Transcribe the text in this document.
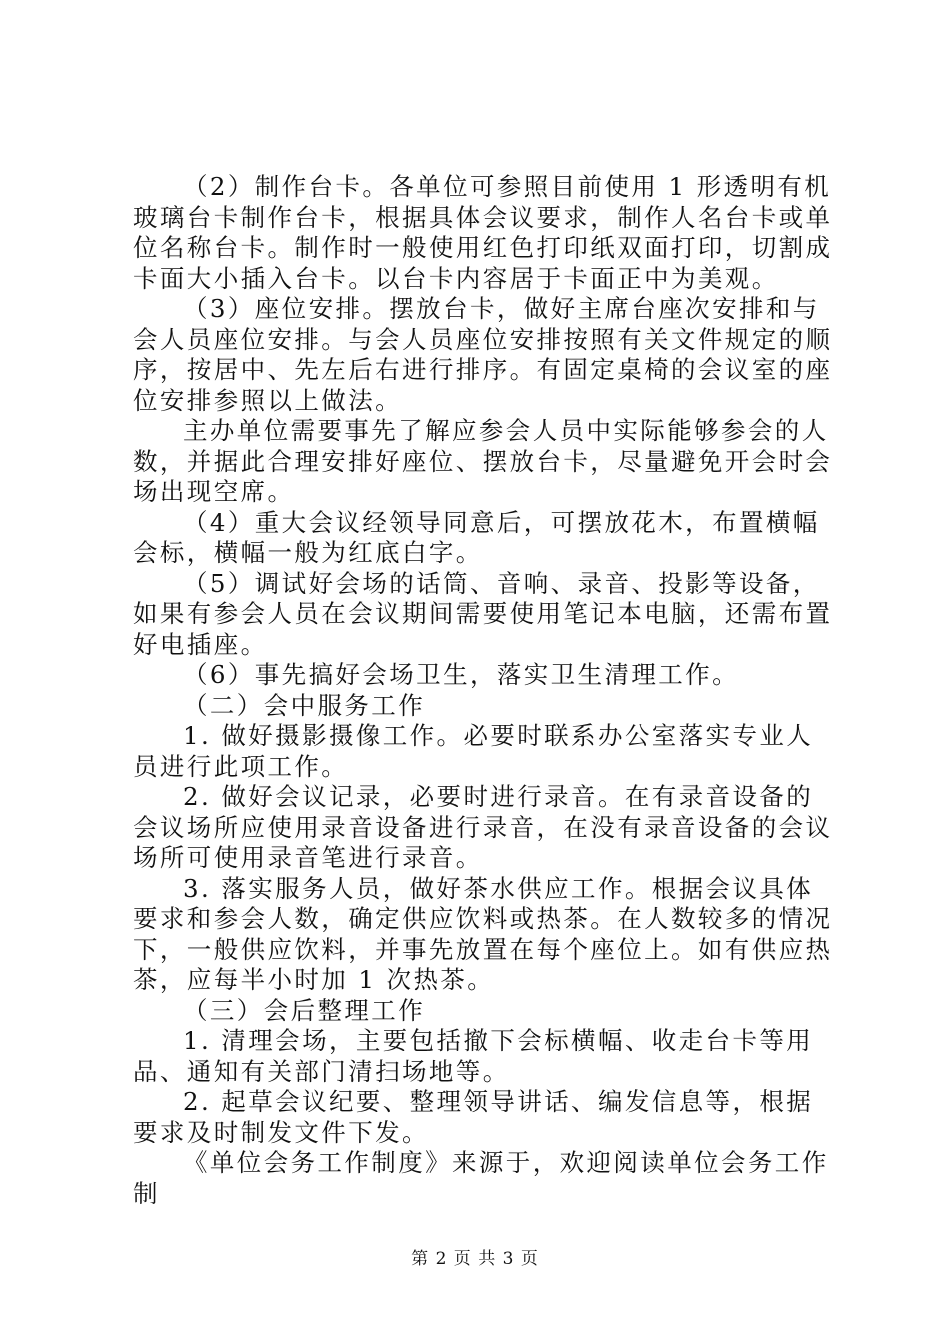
（2）制作台卡。各单位可参照目前使用 1 形透明有机玻璃台卡制作台卡，根据具体会议要求，制作人名台卡或单位名称台卡。制作时一般使用红色打印纸双面打印，切割成卡面大小插入台卡。以台卡内容居于卡面正中为美观。

（3）座位安排。摆放台卡，做好主席台座次安排和与会人员座位安排。与会人员座位安排按照有关文件规定的顺序，按居中、先左后右进行排序。有固定桌椅的会议室的座位安排参照以上做法。

主办单位需要事先了解应参会人员中实际能够参会的人数，并据此合理安排好座位、摆放台卡，尽量避免开会时会场出现空席。

（4）重大会议经领导同意后，可摆放花木，布置横幅会标，横幅一般为红底白字。

（5）调试好会场的话筒、音响、录音、投影等设备，如果有参会人员在会议期间需要使用笔记本电脑，还需布置好电插座。

（6）事先搞好会场卫生，落实卫生清理工作。

（二）会中服务工作

1. 做好摄影摄像工作。必要时联系办公室落实专业人员进行此项工作。

2. 做好会议记录，必要时进行录音。在有录音设备的会议场所应使用录音设备进行录音，在没有录音设备的会议场所可使用录音笔进行录音。

3. 落实服务人员，做好茶水供应工作。根据会议具体要求和参会人数，确定供应饮料或热茶。在人数较多的情况下，一般供应饮料，并事先放置在每个座位上。如有供应热茶，应每半小时加 1 次热茶。

（三）会后整理工作

1. 清理会场，主要包括撤下会标横幅、收走台卡等用品、通知有关部门清扫场地等。

2. 起草会议纪要、整理领导讲话、编发信息等，根据要求及时制发文件下发。

《单位会务工作制度》来源于，欢迎阅读单位会务工作制

第 2 页 共 3 页
